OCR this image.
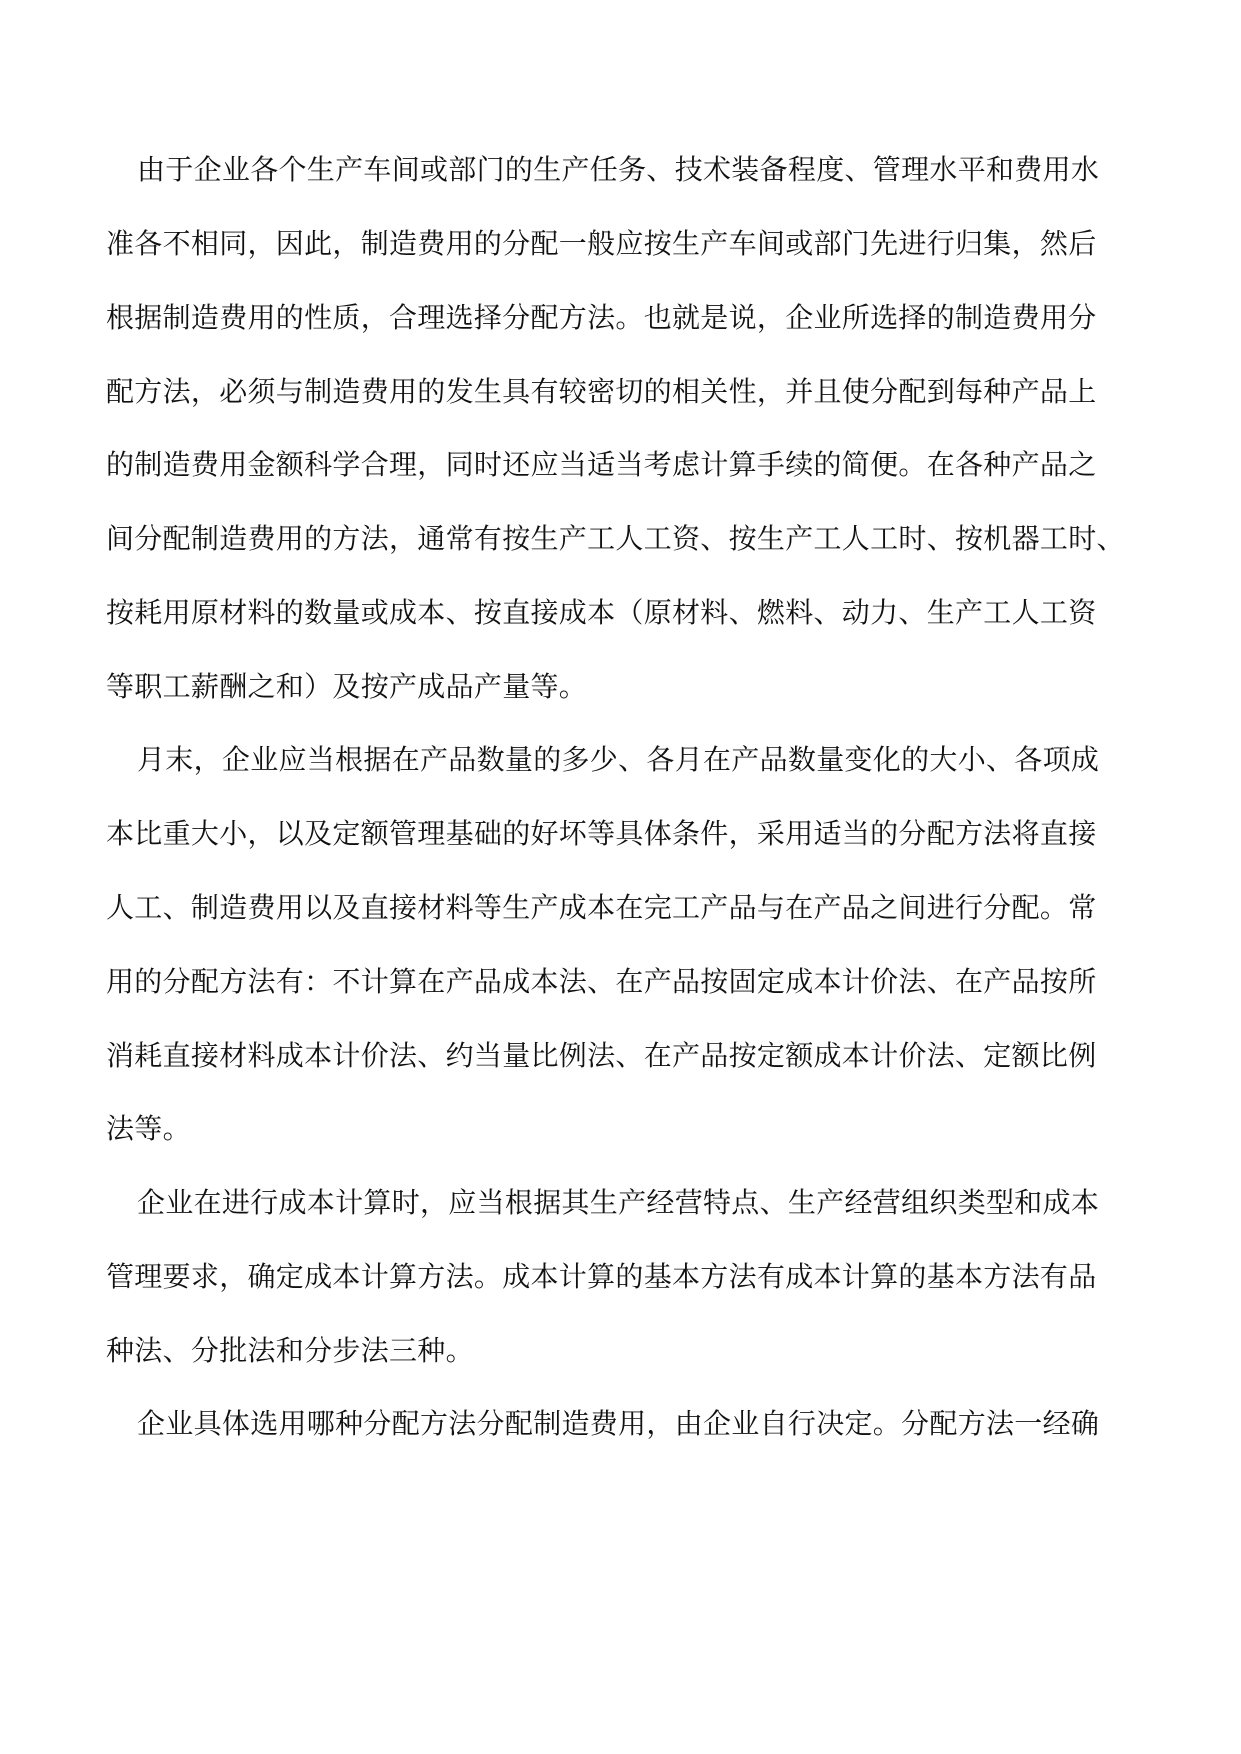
由于企业各个生产车间或部门的生产任务、技术装备程度、管理水平和费用水
准各不相同，因此，制造费用的分配一般应按生产车间或部门先进行归集，然后
根据制造费用的性质，合理选择分配方法。也就是说，企业所选择的制造费用分
配方法，必须与制造费用的发生具有较密切的相关性，并且使分配到每种产品上
的制造费用金额科学合理，同时还应当适当考虑计算手续的简便。在各种产品之
间分配制造费用的方法，通常有按生产工人工资、按生产工人工时、按机器工时、
按耗用原材料的数量或成本、按直接成本（原材料、燃料、动力、生产工人工资
等职工薪酬之和）及按产成品产量等。
月末，企业应当根据在产品数量的多少、各月在产品数量变化的大小、各项成
本比重大小，以及定额管理基础的好坏等具体条件，采用适当的分配方法将直接
人工、制造费用以及直接材料等生产成本在完工产品与在产品之间进行分配。常
用的分配方法有：不计算在产品成本法、在产品按固定成本计价法、在产品按所
消耗直接材料成本计价法、约当量比例法、在产品按定额成本计价法、定额比例
法等。
企业在进行成本计算时，应当根据其生产经营特点、生产经营组织类型和成本
管理要求，确定成本计算方法。成本计算的基本方法有成本计算的基本方法有品
种法、分批法和分步法三种。
企业具体选用哪种分配方法分配制造费用，由企业自行决定。分配方法一经确
